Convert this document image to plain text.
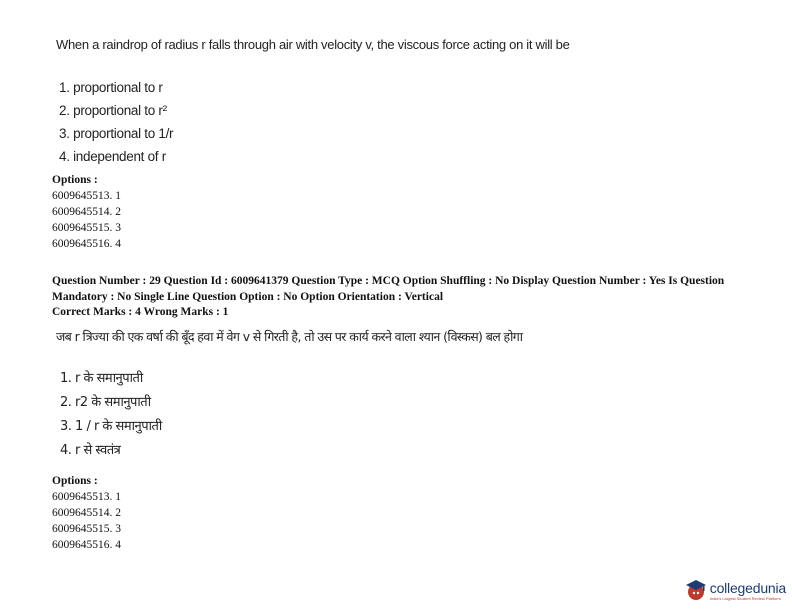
When a raindrop of radius r falls through air with velocity v, the viscous force acting on it will be
1. proportional to r
2. proportional to r²
3. proportional to 1/r
4. independent of r
Options :
6009645513. 1
6009645514. 2
6009645515. 3
6009645516. 4
Question Number : 29 Question Id : 6009641379 Question Type : MCQ Option Shuffling : No Display Question Number : Yes Is Question Mandatory : No Single Line Question Option : No Option Orientation : Vertical
Correct Marks : 4 Wrong Marks : 1
जब r त्रिज्या की एक वर्षा की बूँद हवा में वेग v से गिरती है, तो उस पर कार्य करने वाला श्यान (विस्कस) बल होगा
1. r के समानुपाती
2. r2 के समानुपाती
3. 1 / r के समानुपाती
4. r से स्वतंत्र
Options :
6009645513. 1
6009645514. 2
6009645515. 3
6009645516. 4
collegedunia
India's Largest Student Review Platform
